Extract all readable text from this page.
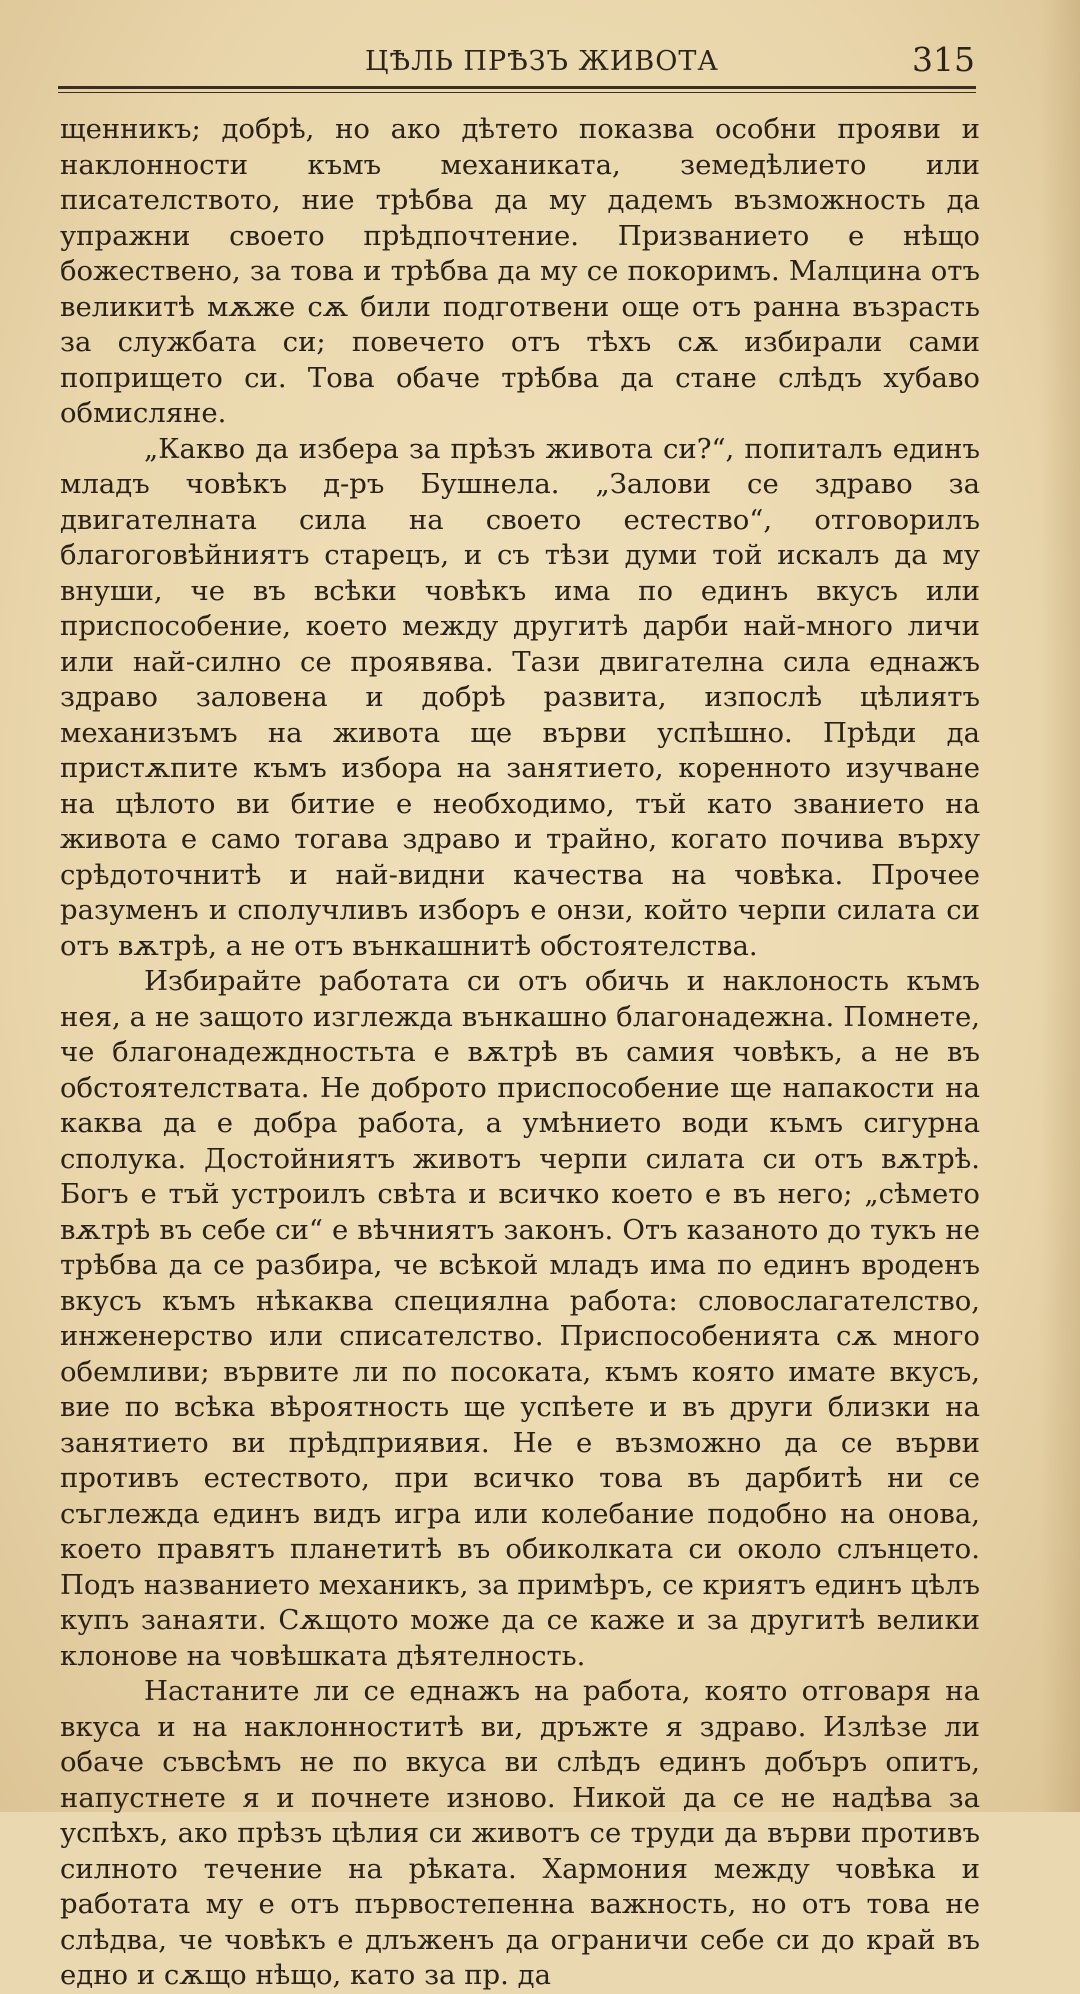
ЦѢЛЬ ПРѢЗЪ ЖИВОТА	315

щенникъ; добрѣ, но ако дѣтето показва особни прояви и наклонности къмъ механиката, земедѣлието или писателството, ние трѣбва да му дадемъ възможность да упражни своето прѣдпочтение. Призванието е нѣщо божествено, за това и трѣбва да му се покоримъ. Малцина отъ великитѣ мѫже сѫ били подготвени още отъ ранна възрасть за службата си; повечето отъ тѣхъ сѫ избирали сами попрището си. Това обаче трѣбва да стане слѣдъ хубаво обмисляне.

„Какво да избера за прѣзъ живота си?“, попиталъ единъ младъ човѣкъ д-ръ Бушнела. „Залови се здраво за двигателната сила на своето естество“, отговорилъ благоговѣйниятъ старецъ, и съ тѣзи думи той искалъ да му внуши, че въ всѣки човѣкъ има по единъ вкусъ или приспособение, което между другитѣ дарби най-много личи или най-силно се проявява. Тази двигателна сила еднажъ здраво заловена и добрѣ развита, изпослѣ цѣлиятъ механизъмъ на живота ще върви успѣшно. Прѣди да пристѫпите къмъ избора на занятието, коренното изучване на цѣлото ви битие е необходимо, тъй като званието на живота е само тогава здраво и трайно, когато почива върху срѣдоточнитѣ и най-видни качества на човѣка. Прочее разуменъ и сполучливъ изборъ е онзи, който черпи силата си отъ вѫтрѣ, а не отъ вънкашнитѣ обстоятелства.

Избирайте работата си отъ обичь и наклоность къмъ нея, а не защото изглежда вънкашно благонадежна. Помнете, че благонадеждностьта е вѫтрѣ въ самия човѣкъ, а не въ обстоятелствата. Не доброто приспособение ще напакости на каква да е добра работа, а умѣнието води къмъ сигурна сполука. Достойниятъ животъ черпи силата си отъ вѫтрѣ. Богъ е тъй устроилъ свѣта и всичко което е въ него; „сѣмето вѫтрѣ въ себе си“ е вѣчниятъ законъ. Отъ казаното до тукъ не трѣбва да се разбира, че всѣкой младъ има по единъ вроденъ вкусъ къмъ нѣкаква специялна работа: словослагателство, инженерство или списателство. Приспособенията сѫ много обемливи; вървите ли по посоката, къмъ която имате вкусъ, вие по всѣка вѣроятность ще успѣете и въ други близки на занятието ви прѣдприявия. Не е възможно да се върви противъ естеството, при всичко това въ дарбитѣ ни се съглежда единъ видъ игра или колебание подобно на онова, което правятъ планетитѣ въ обиколката си около слънцето. Подъ названието механикъ, за примѣръ, се криятъ единъ цѣлъ купъ занаяти. Сѫщото може да се каже и за другитѣ велики клонове на човѣшката дѣятелность.

Настаните ли се еднажъ на работа, която отговаря на вкуса и на наклонноститѣ ви, дръжте я здраво. Излѣзе ли обаче съвсѣмъ не по вкуса ви слѣдъ единъ добъръ опитъ, напустнете я и почнете изново. Никой да се не надѣва за успѣхъ, ако прѣзъ цѣлия си животъ се труди да върви противъ силното течение на рѣката. Хармония между човѣка и работата му е отъ първостепенна важность, но отъ това не слѣдва, че човѣкъ е длъженъ да ограничи себе си до край въ едно и сѫщо нѣщо, като за пр. да
